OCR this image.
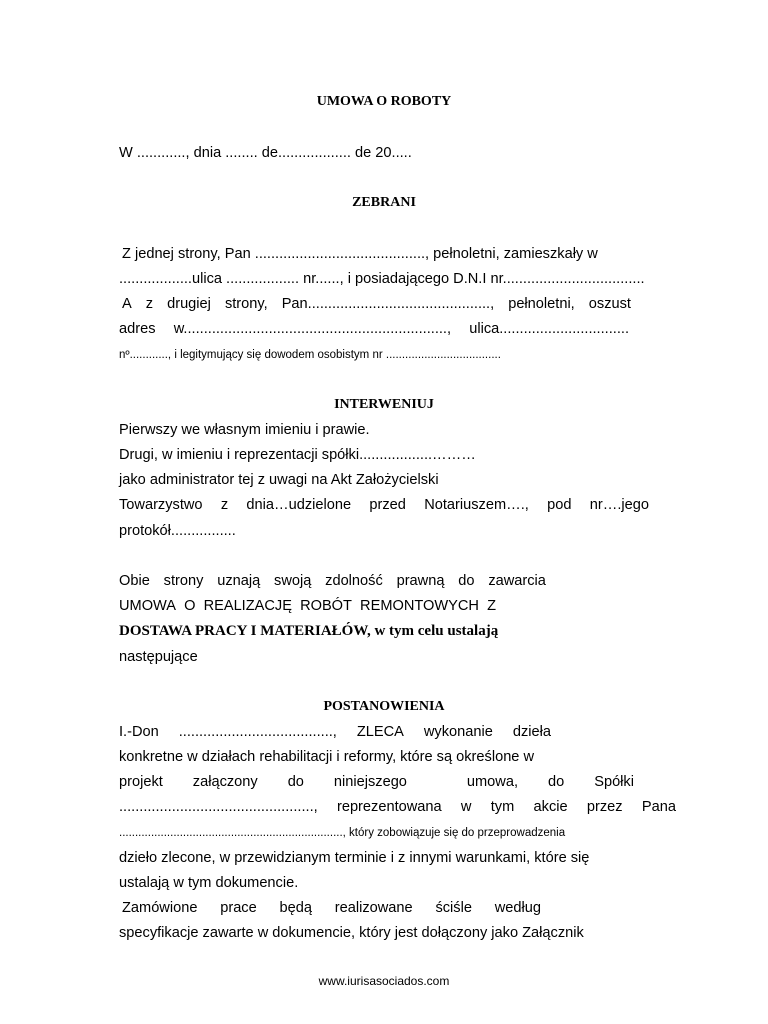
UMOWA O ROBOTY
W ............, dnia ........ de.................. de 20.....
ZEBRANI
Z jednej strony, Pan .........................................., pełnoletni, zamieszkały w
..................ulica .................. nr......, i posiadającego D.N.I nr...................................
A z drugiej strony, Pan............................................., pełnoletni, oszust
adres w................................................................., ulica................................
nº............, i legitymujący się dowodem osobistym nr ....................................
INTERWENIUJ
Pierwszy we własnym imieniu i prawie.
Drugi, w imieniu i reprezentacji spółki..................………
jako administrator tej z uwagi na Akt Założycielski
Towarzystwo z dnia…udzielone przed Notariuszem…., pod nr….jego
protokół................
Obie strony uznają swoją zdolność prawną do zawarcia
UMOWA O REALIZACJĘ ROBÓT REMONTOWYCH Z
DOSTAWA PRACY I MATERIAŁÓW, w tym celu ustalają
następujące
POSTANOWIENIA
I.-Don ......................................, ZLECA wykonanie dzieła
konkretne w działach rehabilitacji i reformy, które są określone w
projekt załączony do niniejszego	umowa, do Spółki
................................................, reprezentowana w tym akcie przez Pana
......................................................................, który zobowiązuje się do przeprowadzenia
dzieło zlecone, w przewidzianym terminie i z innymi warunkami, które się
ustalają w tym dokumencie.
Zamówione prace będą realizowane ściśle według
specyfikacje zawarte w dokumencie, który jest dołączony jako Załącznik
www.iurisasociados.com
